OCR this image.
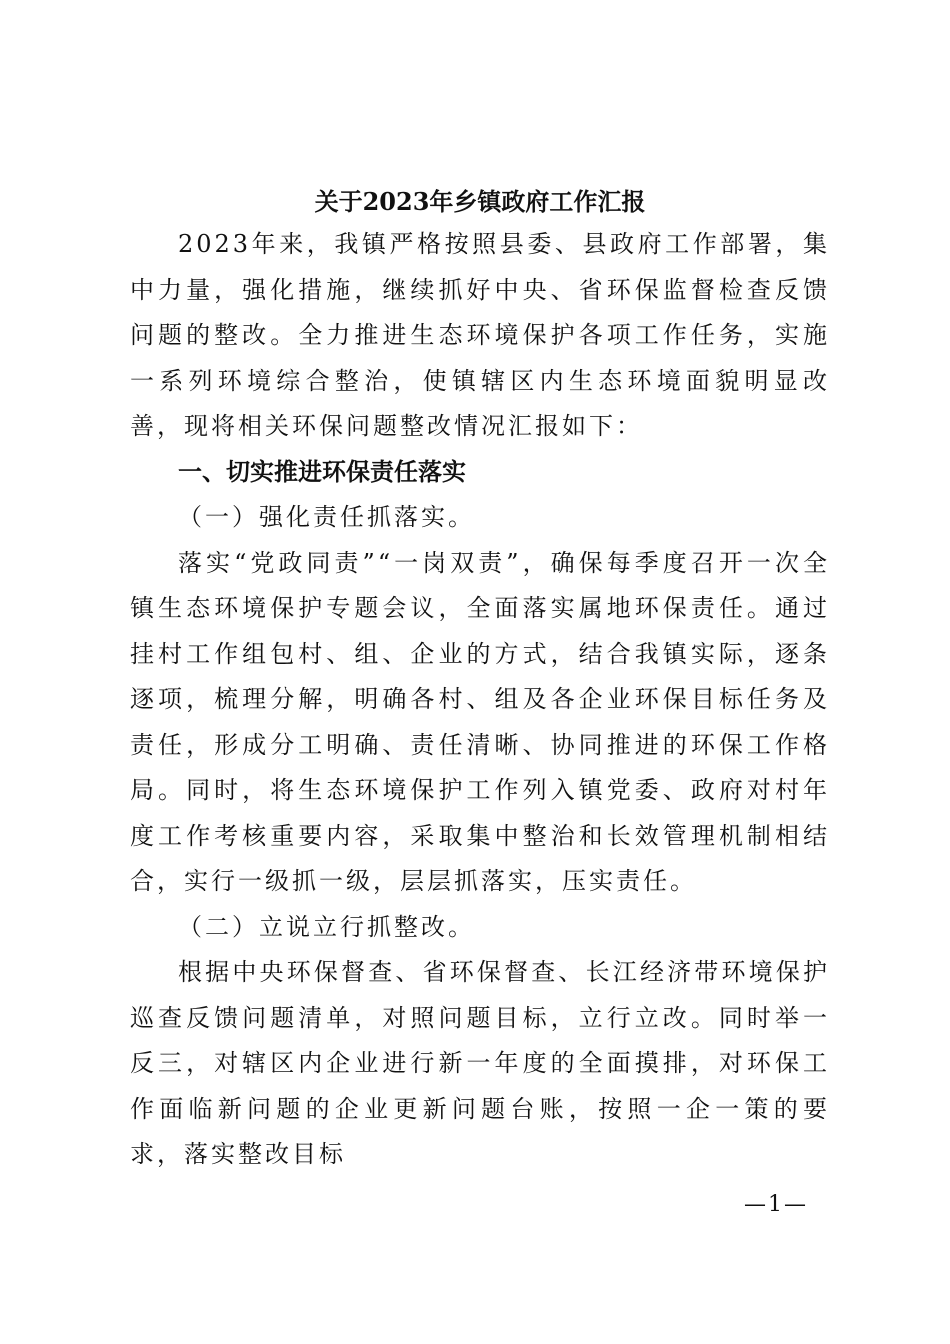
关于2023年乡镇政府工作汇报

2023年来，我镇严格按照县委、县政府工作部署，集中力量，强化措施，继续抓好中央、省环保监督检查反馈问题的整改。全力推进生态环境保护各项工作任务，实施一系列环境综合整治，使镇辖区内生态环境面貌明显改善，现将相关环保问题整改情况汇报如下：

一、切实推进环保责任落实

（一）强化责任抓落实。

落实“党政同责”“一岗双责”，确保每季度召开一次全镇生态环境保护专题会议，全面落实属地环保责任。通过挂村工作组包村、组、企业的方式，结合我镇实际，逐条逐项，梳理分解，明确各村、组及各企业环保目标任务及责任，形成分工明确、责任清晰、协同推进的环保工作格局。同时，将生态环境保护工作列入镇党委、政府对村年度工作考核重要内容，采取集中整治和长效管理机制相结合，实行一级抓一级，层层抓落实，压实责任。

（二）立说立行抓整改。

根据中央环保督查、省环保督查、长江经济带环境保护巡查反馈问题清单，对照问题目标，立行立改。同时举一反三，对辖区内企业进行新一年度的全面摸排，对环保工作面临新问题的企业更新问题台账，按照一企一策的要求，落实整改目标

—1—
